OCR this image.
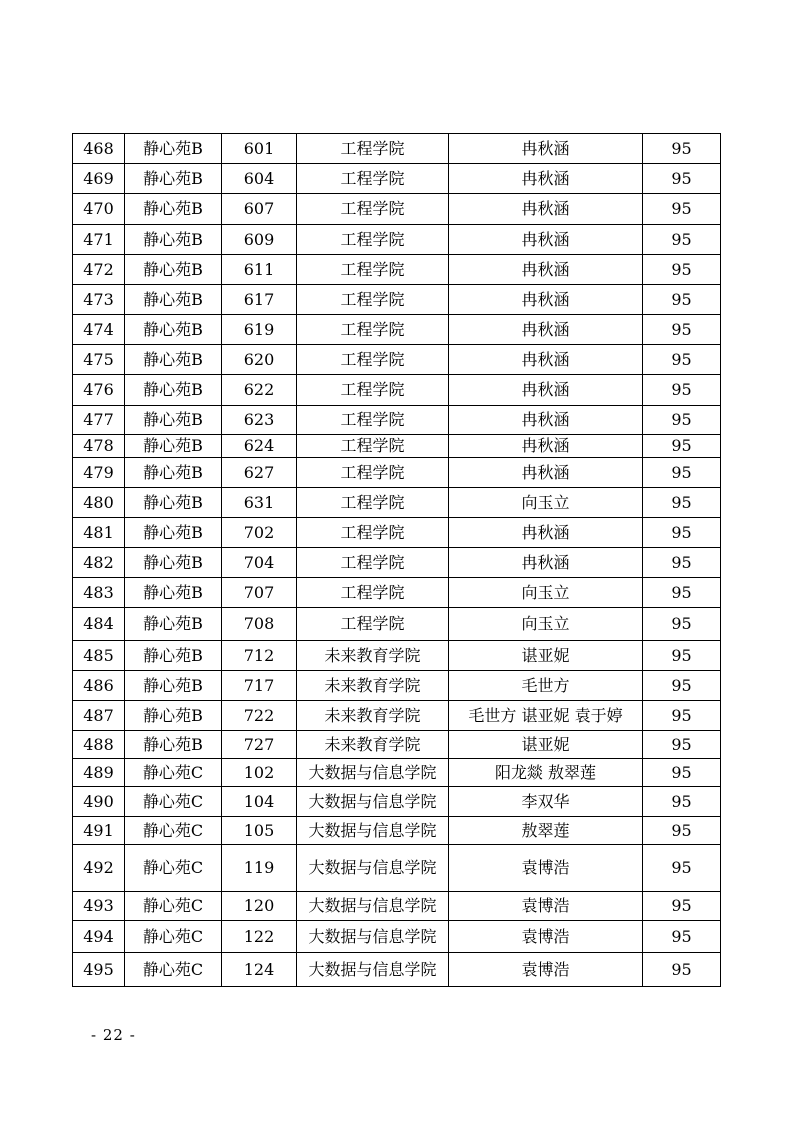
468	静心苑B	601	工程学院	冉秋涵	95
469	静心苑B	604	工程学院	冉秋涵	95
470	静心苑B	607	工程学院	冉秋涵	95
471	静心苑B	609	工程学院	冉秋涵	95
472	静心苑B	611	工程学院	冉秋涵	95
473	静心苑B	617	工程学院	冉秋涵	95
474	静心苑B	619	工程学院	冉秋涵	95
475	静心苑B	620	工程学院	冉秋涵	95
476	静心苑B	622	工程学院	冉秋涵	95
477	静心苑B	623	工程学院	冉秋涵	95
478	静心苑B	624	工程学院	冉秋涵	95
479	静心苑B	627	工程学院	冉秋涵	95
480	静心苑B	631	工程学院	向玉立	95
481	静心苑B	702	工程学院	冉秋涵	95
482	静心苑B	704	工程学院	冉秋涵	95
483	静心苑B	707	工程学院	向玉立	95
484	静心苑B	708	工程学院	向玉立	95
485	静心苑B	712	未来教育学院	谌亚妮	95
486	静心苑B	717	未来教育学院	毛世方	95
487	静心苑B	722	未来教育学院	毛世方 谌亚妮 袁于婷	95
488	静心苑B	727	未来教育学院	谌亚妮	95
489	静心苑C	102	大数据与信息学院	阳龙燚 敖翠莲	95
490	静心苑C	104	大数据与信息学院	李双华	95
491	静心苑C	105	大数据与信息学院	敖翠莲	95
492	静心苑C	119	大数据与信息学院	袁博浩	95
493	静心苑C	120	大数据与信息学院	袁博浩	95
494	静心苑C	122	大数据与信息学院	袁博浩	95
495	静心苑C	124	大数据与信息学院	袁博浩	95
- 22 -
